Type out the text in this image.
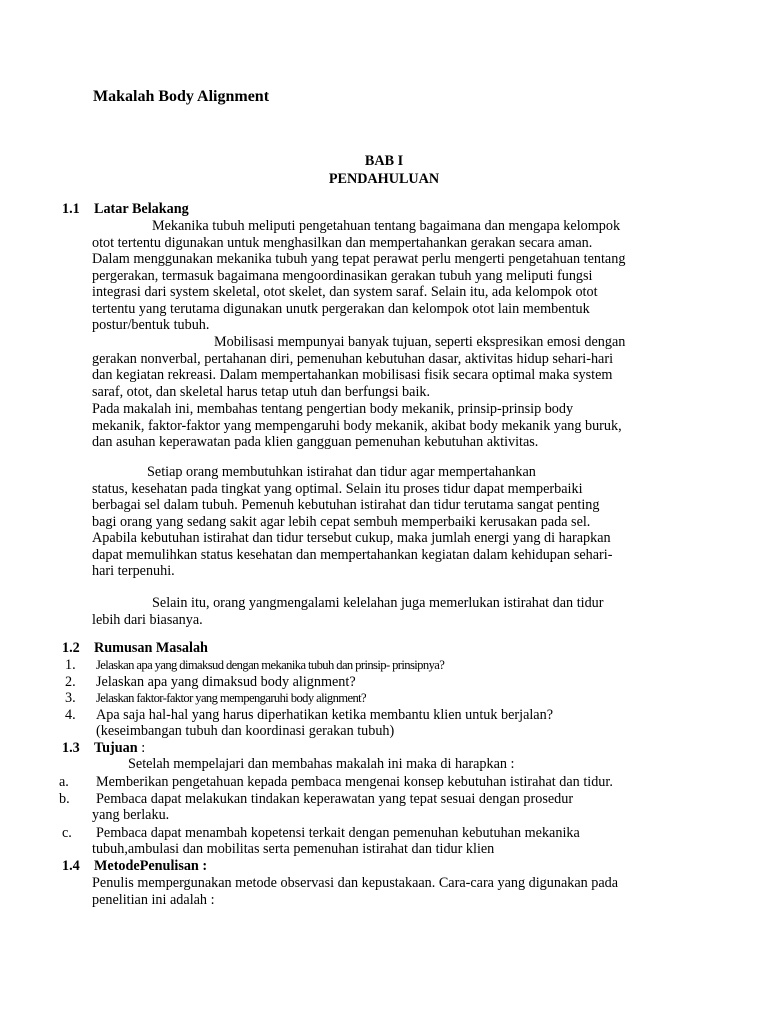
Makalah Body Alignment
BAB I
PENDAHULUAN
1.1 Latar Belakang
Mekanika tubuh meliputi pengetahuan tentang bagaimana dan mengapa kelompok
otot tertentu digunakan untuk menghasilkan dan mempertahankan gerakan secara aman.
Dalam menggunakan mekanika tubuh yang tepat perawat perlu mengerti pengetahuan tentang
pergerakan, termasuk bagaimana mengoordinasikan gerakan tubuh yang meliputi fungsi
integrasi dari system skeletal, otot skelet, dan system saraf. Selain itu, ada kelompok otot
tertentu yang terutama digunakan unutk pergerakan dan kelompok otot lain membentuk
postur/bentuk tubuh.
Mobilisasi mempunyai banyak tujuan, seperti ekspresikan emosi dengan
gerakan nonverbal, pertahanan diri, pemenuhan kebutuhan dasar, aktivitas hidup sehari-hari
dan kegiatan rekreasi. Dalam mempertahankan mobilisasi fisik secara optimal maka system
saraf, otot, dan skeletal harus tetap utuh dan berfungsi baik.
Pada makalah ini, membahas tentang pengertian body mekanik, prinsip-prinsip body
mekanik, faktor-faktor yang mempengaruhi body mekanik, akibat body mekanik yang buruk,
dan asuhan keperawatan pada klien gangguan pemenuhan kebutuhan aktivitas.
Setiap orang membutuhkan istirahat dan tidur agar mempertahankan
status, kesehatan pada tingkat yang optimal. Selain itu proses tidur dapat memperbaiki
berbagai sel dalam tubuh. Pemenuh kebutuhan istirahat dan tidur terutama sangat penting
bagi orang yang sedang sakit agar lebih cepat sembuh memperbaiki kerusakan pada sel.
Apabila kebutuhan istirahat dan tidur tersebut cukup, maka jumlah energi yang di harapkan
dapat memulihkan status kesehatan dan mempertahankan kegiatan dalam kehidupan sehari-
hari terpenuhi.
Selain itu, orang yangmengalami kelelahan juga memerlukan istirahat dan tidur
lebih dari biasanya.
1.2 Rumusan Masalah
1. Jelaskan apa yang dimaksud dengan mekanika tubuh dan prinsip- prinsipnya?
2. Jelaskan apa yang dimaksud body alignment?
3. Jelaskan faktor-faktor yang mempengaruhi body alignment?
4. Apa saja hal-hal yang harus diperhatikan ketika membantu klien untuk berjalan?
(keseimbangan tubuh dan koordinasi gerakan tubuh)
1.3 Tujuan :
Setelah mempelajari dan membahas makalah ini maka di harapkan :
a. Memberikan pengetahuan kepada pembaca mengenai konsep kebutuhan istirahat dan tidur.
b. Pembaca dapat melakukan tindakan keperawatan yang tepat sesuai dengan prosedur
yang berlaku.
c. Pembaca dapat menambah kopetensi terkait dengan pemenuhan kebutuhan mekanika
tubuh,ambulasi dan mobilitas serta pemenuhan istirahat dan tidur klien
1.4 MetodePenulisan :
Penulis mempergunakan metode observasi dan kepustakaan. Cara-cara yang digunakan pada
penelitian ini adalah :
